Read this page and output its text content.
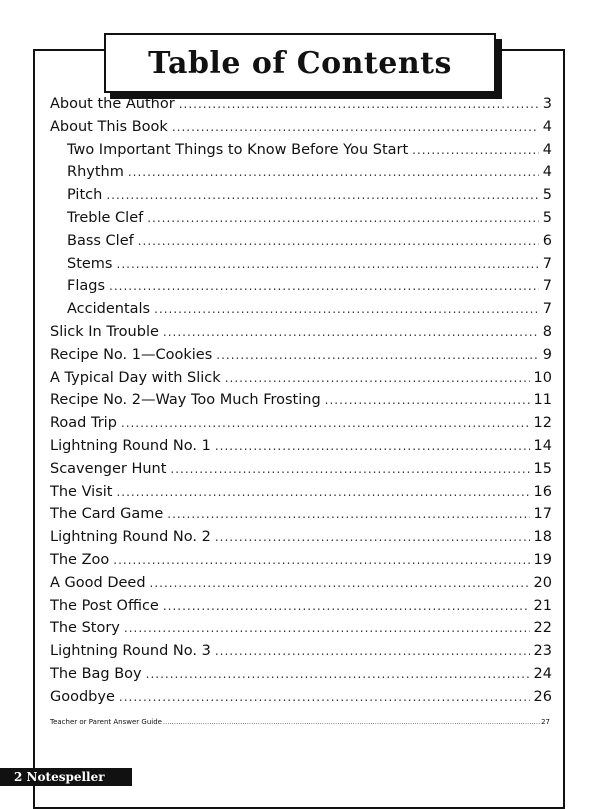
Table of Contents
About the Author .....	3
About This Book .....	4
Two Important Things to Know Before You Start .....	4
Rhythm .....	4
Pitch .....	5
Treble Clef .....	5
Bass Clef .....	6
Stems .....	7
Flags .....	7
Accidentals .....	7
Slick In Trouble .....	8
Recipe No. 1—Cookies .....	9
A Typical Day with Slick .....	10
Recipe No. 2—Way Too Much Frosting .....	11
Road Trip .....	12
Lightning Round No. 1 .....	14
Scavenger Hunt .....	15
The Visit .....	16
The Card Game .....	17
Lightning Round No. 2 .....	18
The Zoo .....	19
A Good Deed .....	20
The Post Office .....	21
The Story .....	22
Lightning Round No. 3 .....	23
The Bag Boy .....	24
Goodbye .....	26
Teacher or Parent Answer Guide .....	27
2
Notespeller
